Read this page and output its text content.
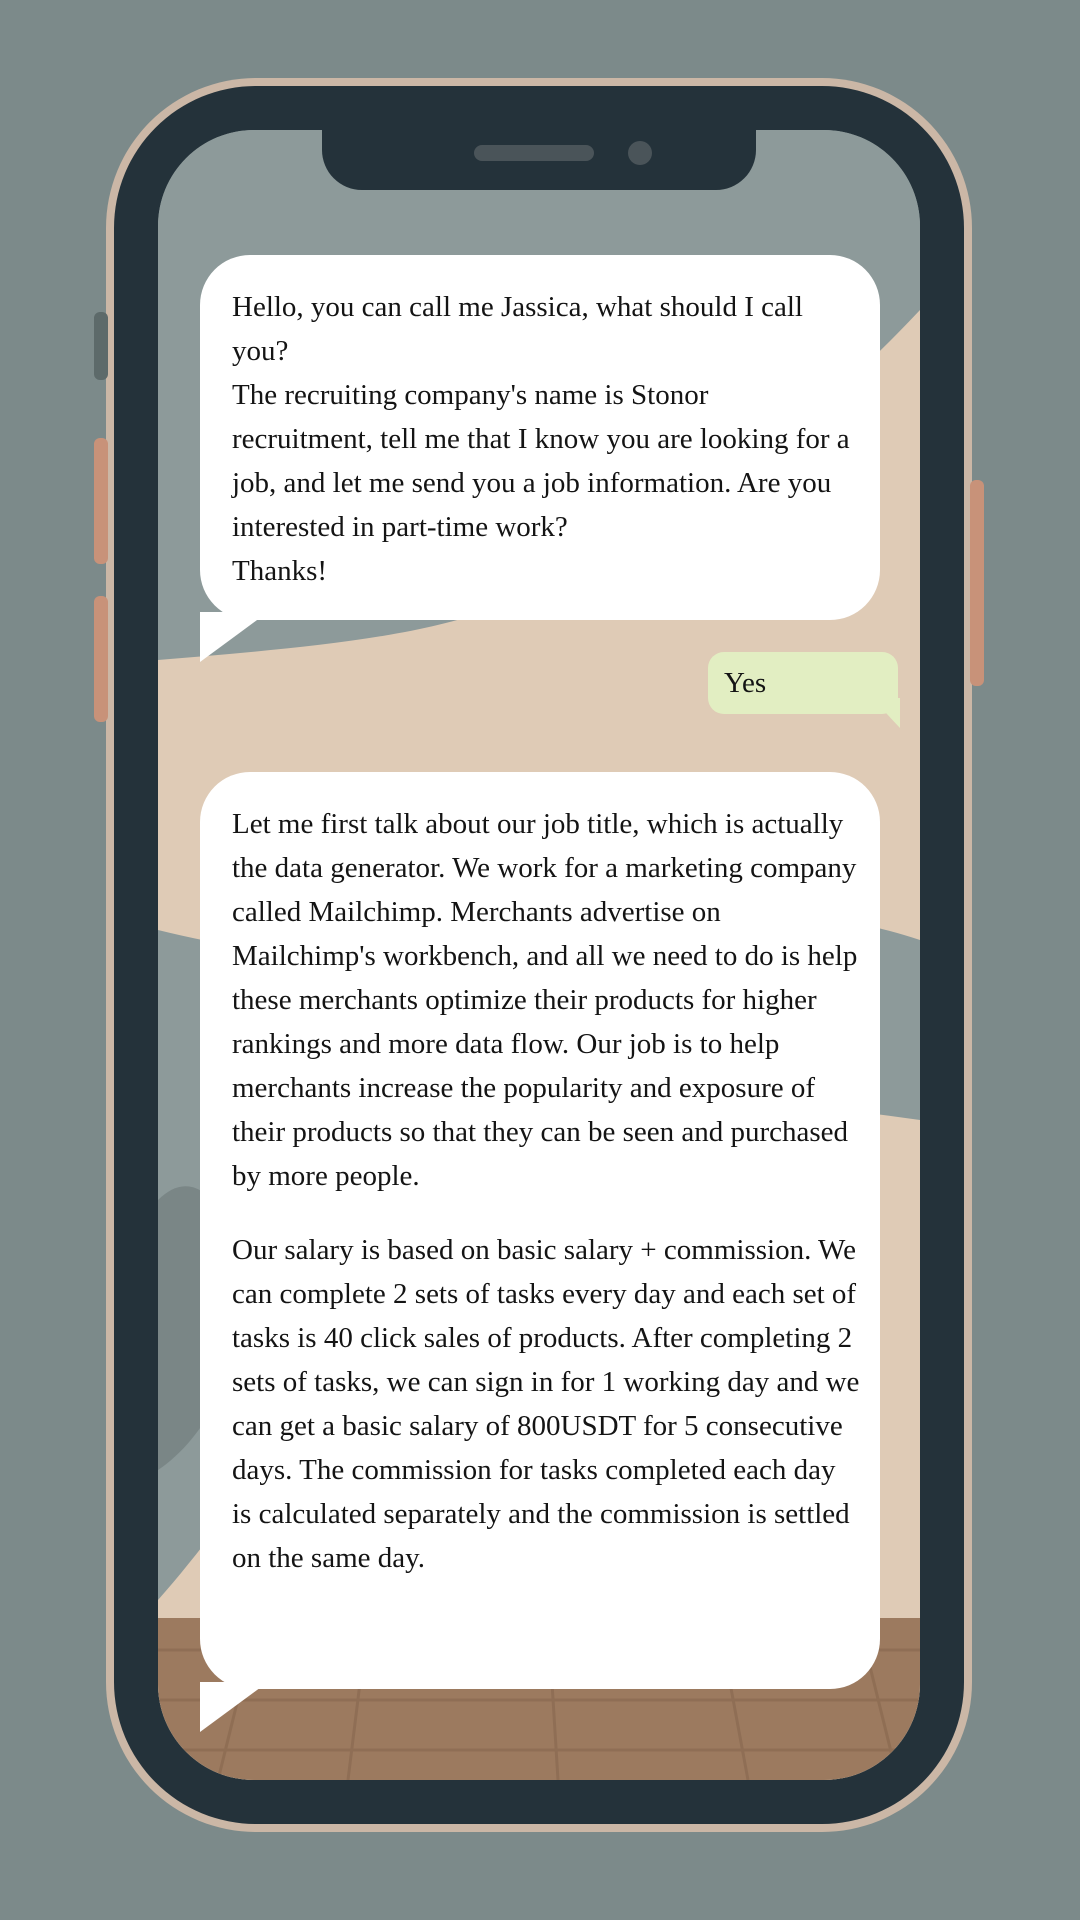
Hello, you can call me Jassica, what should I call you?
The recruiting company's name is Stonor recruitment, tell me that I know you are looking for a job, and let me send you a job information. Are you interested in part-time work?
Thanks!

Yes

Let me first talk about our job title, which is actually the data generator. We work for a marketing company called Mailchimp. Merchants advertise on Mailchimp's workbench, and all we need to do is help these merchants optimize their products for higher rankings and more data flow. Our job is to help merchants increase the popularity and exposure of their products so that they can be seen and purchased by more people.

Our salary is based on basic salary + commission. We can complete 2 sets of tasks every day and each set of tasks is 40 click sales of products. After completing 2 sets of tasks, we can sign in for 1 working day and we can get a basic salary of 800USDT for 5 consecutive days. The commission for tasks completed each day is calculated separately and the commission is settled on the same day.
